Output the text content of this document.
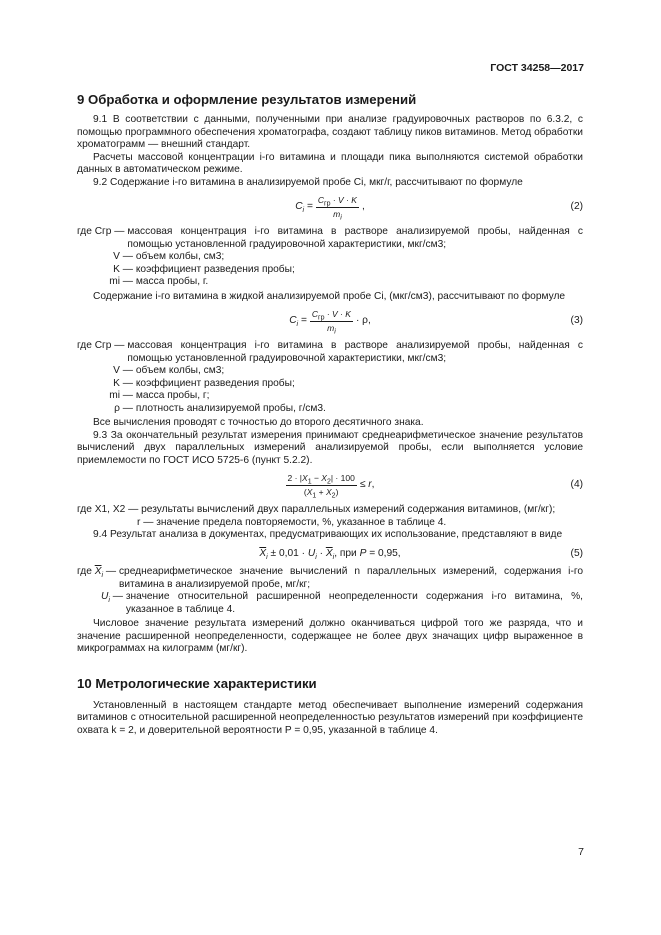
ГОСТ 34258—2017
9 Обработка и оформление результатов измерений

9.1 В соответствии с данными, полученными при анализе градуировочных растворов по 6.3.2, с помощью программного обеспечения хроматографа, создают таблицу пиков витаминов. Метод обработки хроматограмм — внешний стандарт.

Расчеты массовой концентрации i-го витамина и площади пика выполняются системой обработки данных в автоматическом режиме.

9.2 Содержание i-го витамина в анализируемой пробе Ci, мкг/г, рассчитывают по формуле

$C_i = \frac{C_{гр} \cdot V \cdot K}{m_i}$ ,	(2)
где Cгр —
массовая концентрация i-го витамина в растворе анализируемой пробы, найденная с помощью установленной градуировочной характеристики, мкг/см3;
V —
объем колбы, см3;
K —
коэффициент разведения пробы;
mi —
масса пробы, г.

Содержание i-го витамина в жидкой анализируемой пробе Ci, (мкг/см3), рассчитывают по формуле

$C_i = \frac{C_{гр} \cdot V \cdot K}{m_i} \cdot \rho$,	(3)
где Cгр —
массовая концентрация i-го витамина в растворе анализируемой пробы, найденная с помощью установленной градуировочной характеристики, мкг/см3;
V —
объем колбы, см3;
K —
коэффициент разведения пробы;
mi —
масса пробы, г;
ρ —
плотность анализируемой пробы, г/см3.

Все вычисления проводят с точностью до второго десятичного знака.

9.3 За окончательный результат измерения принимают среднеарифметическое значение результатов вычислений двух параллельных измерений анализируемой пробы, если выполняется условие приемлемости по ГОСТ ИСО 5725-6 (пункт 5.2.2).

$\frac{2 \cdot |X_1 - X_2| \cdot 100}{(X_1 + X_2)} \le r$,	(4)

где X1, X2 — результаты вычислений двух параллельных измерений содержания витаминов, (мг/кг);

r — значение предела повторяемости, %, указанное в таблице 4.

9.4 Результат анализа в документах, предусматривающих их использование, представляют в виде

$\overline{X}_i \pm 0,01 \cdot U_i \cdot \overline{X}_i$, при P = 0,95,	(5)
где $\overline{X}_i$ —
среднеарифметическое значение вычислений n параллельных измерений, содержания i-го витамина в анализируемой пробе, мг/кг;
$U_i$ —
значение относительной расширенной неопределенности содержания i-го витамина, %, указанное в таблице 4.

Числовое значение результата измерений должно оканчиваться цифрой того же разряда, что и значение расширенной неопределенности, содержащее не более двух значащих цифр выраженное в микрограммах на килограмм (мг/кг).

10 Метрологические характеристики

Установленный в настоящем стандарте метод обеспечивает выполнение измерений содержания витаминов с относительной расширенной неопределенностью результатов измерений при коэффициенте охвата k = 2, и доверительной вероятности P = 0,95, указанной в таблице 4.

7
